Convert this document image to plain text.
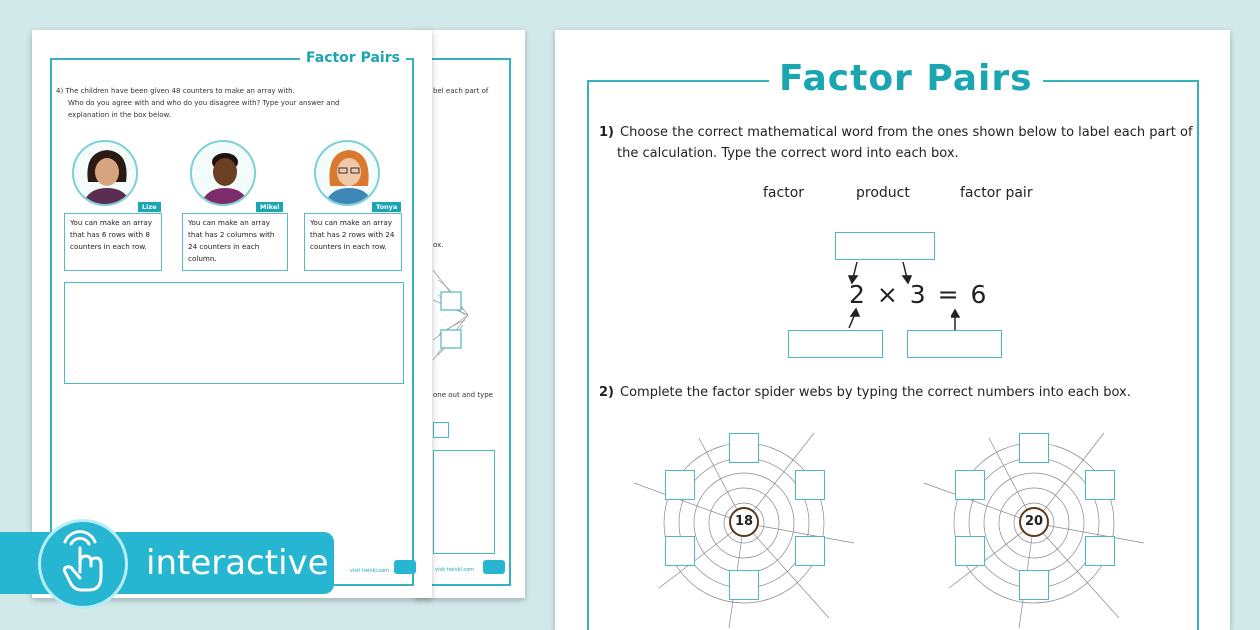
bel each part of
ox.
one out and type
visit twinkl.com
Factor Pairs
4) The children have been given 48 counters to make an array with.
Who do you agree with and who do you disagree with? Type your answer and
explanation in the box below.
Lize
You can make an array that has 6 rows with 8 counters in each row.
Mikel
You can make an array that has 2 columns with 24 counters in each column.
Tonya
You can make an array that has 2 rows with 24 counters in each row.
visit twinkl.com
Factor Pairs
1) Choose the correct mathematical word from the ones shown below to label each part of
the calculation. Type the correct word into each box.
factor	product	factor pair
2 × 3 = 6
2) Complete the factor spider webs by typing the correct numbers into each box.
18	20
interactive
